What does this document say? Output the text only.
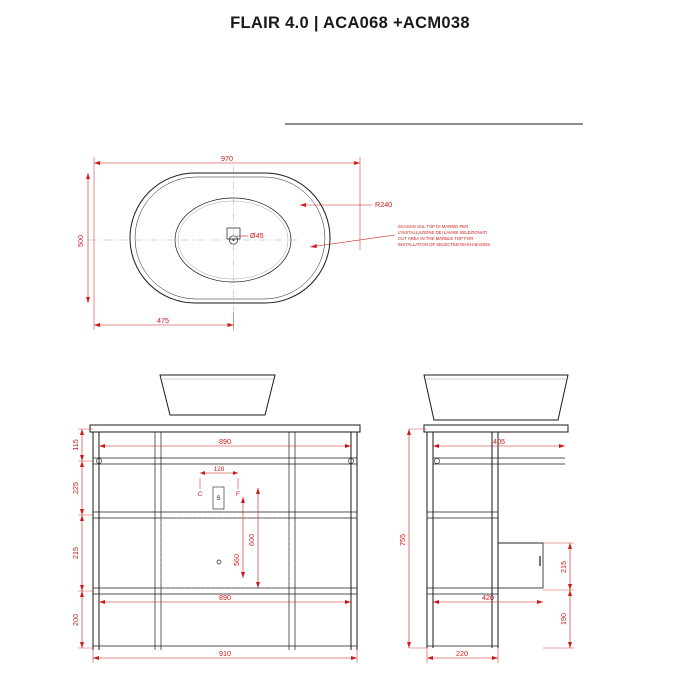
FLAIR 4.0 | ACA068 +ACM038
970
500
475
R240
Ø45
SCASSO SUL TOP DI MARMO PER
L'INSTALLAZIONE DEI LAVABI SELEZIONATI
CUT AREA IN THE MARBLE TOP FOR
INSTALLATION OF SELECTED WASH-BASINS
S
C	F
120
890
890
910
115
225
215
200
600
560
405
420
220
755
215
190
